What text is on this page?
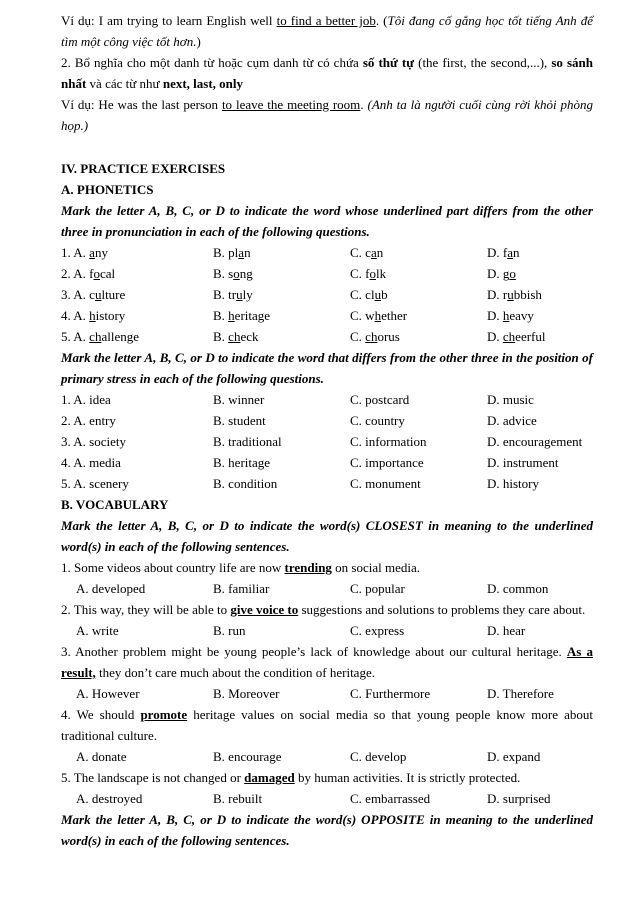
Ví dụ: I am trying to learn English well to find a better job. (Tôi đang cố gắng học tốt tiếng Anh để tìm một công việc tốt hơn.)

2. Bổ nghĩa cho một danh từ hoặc cụm danh từ có chứa số thứ tự (the first, the second,...), so sánh nhất và các từ như next, last, only

Ví dụ: He was the last person to leave the meeting room. (Anh ta là người cuối cùng rời khỏi phòng họp.)

IV. PRACTICE EXERCISES

A. PHONETICS

Mark the letter A, B, C, or D to indicate the word whose underlined part differs from the other three in pronunciation in each of the following questions.

1. A. any	B. plan	C. can	D. fan
2. A. focal	B. song	C. folk	D. go
3. A. culture	B. truly	C. club	D. rubbish
4. A. history	B. heritage	C. whether	D. heavy
5. A. challenge	B. check	C. chorus	D. cheerful

Mark the letter A, B, C, or D to indicate the word that differs from the other three in the position of primary stress in each of the following questions.

1. A. idea	B. winner	C. postcard	D. music
2. A. entry	B. student	C. country	D. advice
3. A. society	B. traditional	C. information	D. encouragement
4. A. media	B. heritage	C. importance	D. instrument
5. A. scenery	B. condition	C. monument	D. history

B. VOCABULARY

Mark the letter A, B, C, or D to indicate the word(s) CLOSEST in meaning to the underlined word(s) in each of the following sentences.

1. Some videos about country life are now trending on social media.

A. developed	B. familiar	C. popular	D. common

2. This way, they will be able to give voice to suggestions and solutions to problems they care about.

A. write	B. run	C. express	D. hear

3. Another problem might be young people’s lack of knowledge about our cultural heritage. As a result, they don’t care much about the condition of heritage.

A. However	B. Moreover	C. Furthermore	D. Therefore

4. We should promote heritage values on social media so that young people know more about traditional culture.

A. donate	B. encourage	C. develop	D. expand

5. The landscape is not changed or damaged by human activities. It is strictly protected.

A. destroyed	B. rebuilt	C. embarrassed	D. surprised

Mark the letter A, B, C, or D to indicate the word(s) OPPOSITE in meaning to the underlined word(s) in each of the following sentences.
